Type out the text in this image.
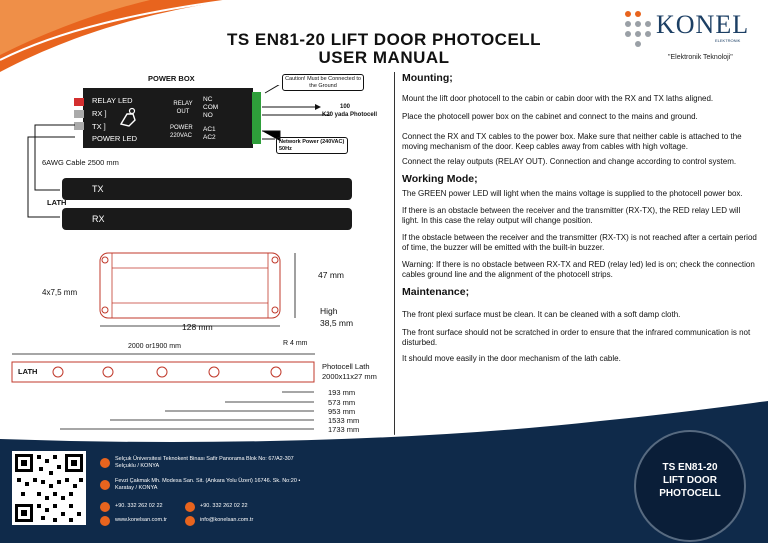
KONEL
ELEKTRONIK
"Elektronik Teknoloji"
TS EN81-20 LIFT DOOR PHOTOCELL
USER MANUAL
POWER BOX	Caution! Must be Connected to the Ground
RELAY LED
RX ]
TX ]
POWER LED
RELAY OUT
NC
COM
NO
POWER 220VAC
AC1
AC2
100
K20 yada Photocell
Network Power (240VAC) 50Hz
6AWG Cable 2500 mm
TX
LATH
RX
4x7,5 mm
47 mm
128 mm
High
38,5 mm
2000 or1900 mm	R 4 mm
LATH
Photocell Lath
2000x11x27 mm
193 mm
573 mm
953 mm
1533 mm
1733 mm
Mounting;
Mount the lift door photocell to the cabin or cabin door with the RX and TX laths aligned.
Place the photocell power box on the cabinet and connect to the mains and ground.
Connect the RX and TX cables to the power box. Make sure that neither cable is attached to the moving mechanism of the door. Keep cables away from cables with high voltage.
Connect the relay outputs (RELAY OUT). Connection and change according to control system.
Working Mode;
The GREEN power LED will light when the mains voltage is supplied to the photocell power box.
If there is an obstacle between the receiver and the transmitter (RX-TX), the RED relay LED will light. In this case the relay output will change position.
If the obstacle between the receiver and the transmitter (RX-TX) is not reached after a certain period of time, the buzzer will be emitted with the built-in buzzer.
Warning: If there is no obstacle between RX-TX and RED (relay led) led is on; check the connection cables ground line and the alignment of the photocell strips.
Maintenance;
The front plexi surface must be clean. It can be cleaned with a soft damp cloth.
The front surface should not be scratched in order to ensure that the infrared communication is not disturbed.
It should move easily in the door mechanism of the lath cable.
Selçuk Üniversitesi Teknokent Binası Safir Panorama Blok No: 67/A2-307 Selçuklu / KONYA
Fevzi Çakmak Mh. Modesa San. Sit. (Ankara Yolu Üzeri) 16746. Sk. No:20 • Karatay / KONYA
+90. 332 262 02 22	+90. 332 262 02 22
www.konelsan.com.tr	info@konelsan.com.tr
TS EN81-20
LIFT DOOR
PHOTOCELL
